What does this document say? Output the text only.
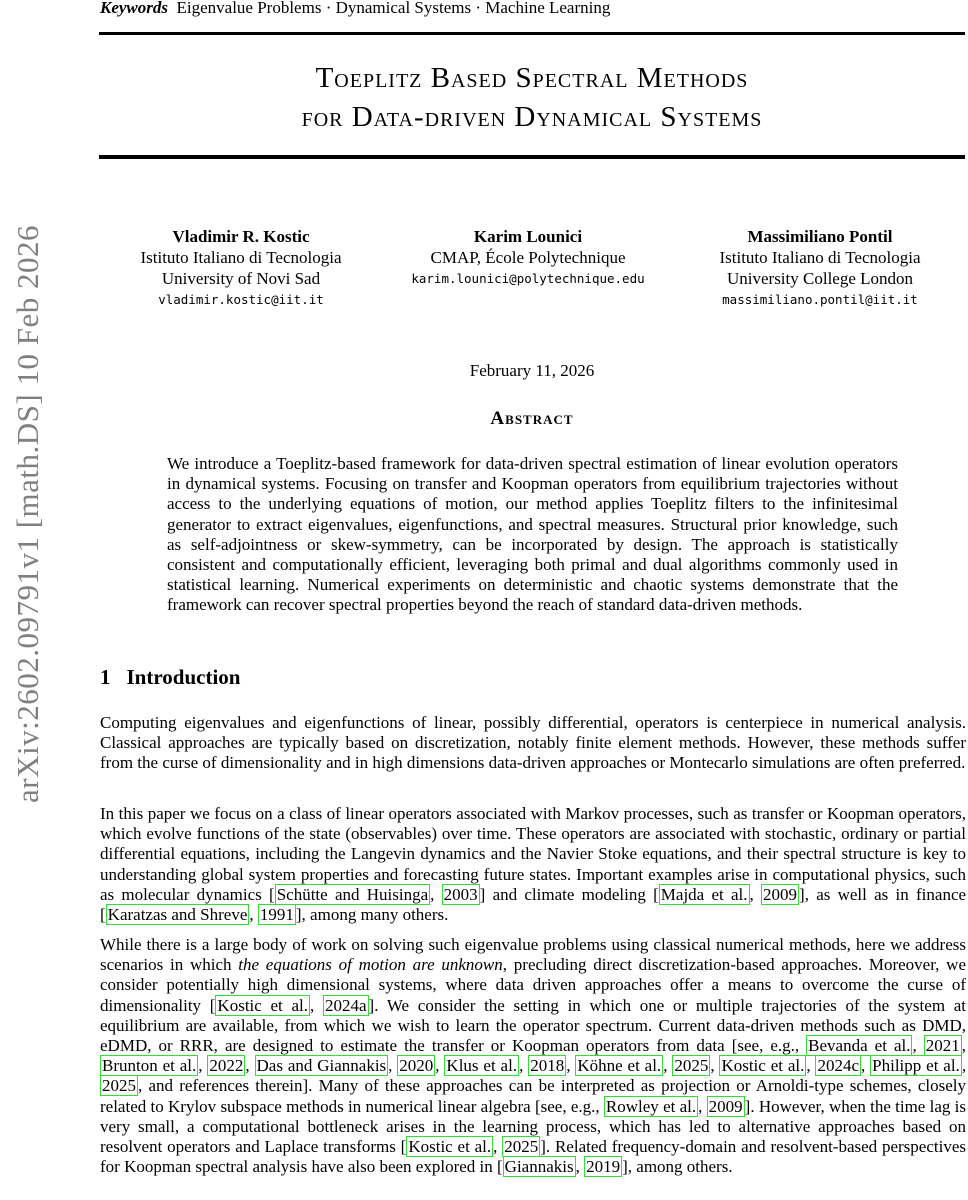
Keywords Eigenvalue Problems · Dynamical Systems · Machine Learning
Toeplitz Based Spectral Methods
for Data-driven Dynamical Systems
arXiv:2602.09791v1 [math.DS] 10 Feb 2026	Vladimir R. Kostic
Istituto Italiano di Tecnologia
University of Novi Sad
vladimir.kostic@iit.it
Karim Lounici
CMAP, École Polytechnique
karim.lounici@polytechnique.edu
Massimiliano Pontil
Istituto Italiano di Tecnologia
University College London
massimiliano.pontil@iit.it
February 11, 2026
Abstract
We introduce a Toeplitz-based framework for data-driven spectral estimation of linear evolution operators in dynamical systems. Focusing on transfer and Koopman operators from equilibrium trajectories without access to the underlying equations of motion, our method applies Toeplitz filters to the infinitesimal generator to extract eigenvalues, eigenfunctions, and spectral measures. Structural prior knowledge, such as self-adjointness or skew-symmetry, can be incorporated by design. The approach is statistically consistent and computationally efficient, leveraging both primal and dual algorithms commonly used in statistical learning. Numerical experiments on deterministic and chaotic systems demonstrate that the framework can recover spectral properties beyond the reach of standard data-driven methods.
1 Introduction
Computing eigenvalues and eigenfunctions of linear, possibly differential, operators is centerpiece in numerical analysis. Classical approaches are typically based on discretization, notably finite element methods. However, these methods suffer from the curse of dimensionality and in high dimensions data-driven approaches or Montecarlo simulations are often preferred.
In this paper we focus on a class of linear operators associated with Markov processes, such as transfer or Koopman operators, which evolve functions of the state (observables) over time. These operators are associated with stochastic, ordinary or partial differential equations, including the Langevin dynamics and the Navier Stoke equations, and their spectral structure is key to understanding global system properties and forecasting future states. Important examples arise in computational physics, such as molecular dynamics [ Schütte and Huisinga , 2003 ] and climate modeling [ Majda et al. , 2009 ], as well as in finance [ Karatzas and Shreve , 1991 ], among many others.
While there is a large body of work on solving such eigenvalue problems using classical numerical methods, here we address scenarios in which the equations of motion are unknown, precluding direct discretization-based approaches. Moreover, we consider potentially high dimensional systems, where data driven approaches offer a means to overcome the curse of dimensionality [ Kostic et al. , 2024a ]. We consider the setting in which one or multiple trajectories of the system at equilibrium are available, from which we wish to learn the operator spectrum. Current data-driven methods such as DMD, eDMD, or RRR, are designed to estimate the transfer or Koopman operators from data [see, e.g., Bevanda et al. , 2021 , Brunton et al. , 2022 , Das and Giannakis , 2020 , Klus et al. , 2018 , Köhne et al. , 2025 , Kostic et al. , 2024c , Philipp et al. , 2025 , and references therein]. Many of these approaches can be interpreted as projection or Arnoldi-type schemes, closely related to Krylov subspace methods in numerical linear algebra [see, e.g., Rowley et al. , 2009 ]. However, when the time lag is very small, a computational bottleneck arises in the learning process, which has led to alternative approaches based on resolvent operators and Laplace transforms [ Kostic et al. , 2025 ]. Related frequency-domain and resolvent-based perspectives for Koopman spectral analysis have also been explored in [ Giannakis , 2019 ], among others.
